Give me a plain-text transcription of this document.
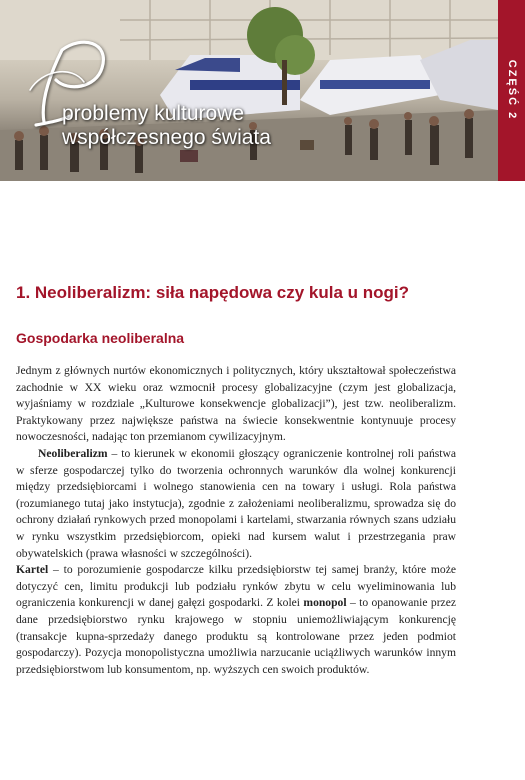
problemy kulturowe
współczesnego świata
CZĘŚĆ 2
1. Neoliberalizm: siła napędowa czy kula u nogi?
Gospodarka neoliberalna

Jednym z głównych nurtów ekonomicznych i politycznych, który ukształtował społeczeństwa zachodnie w XX wieku oraz wzmocnił procesy globalizacyjne (czym jest globalizacja, wyjaśniamy w rozdziale „Kulturowe konsekwencje globalizacji”), jest tzw. neoliberalizm. Praktykowany przez największe państwa na świecie konsekwentnie kontynuuje procesy nowoczesności, nadając ton przemianom cywilizacyjnym.

Neoliberalizm – to kierunek w ekonomii głoszący ograniczenie kontrolnej roli państwa w sferze gospodarczej tylko do tworzenia ochronnych warunków dla wolnej konkurencji między przedsiębiorcami i wolnego stanowienia cen na towary i usługi. Rola państwa (rozumianego tutaj jako instytucja), zgodnie z założeniami neoliberalizmu, sprowadza się do ochrony działań rynkowych przed monopolami i kartelami, stwarzania równych szans udziału w rynku wszystkim przedsiębiorcom, opieki nad kursem walut i przestrzegania praw obywatelskich (prawa własności w szczególności).

Kartel – to porozumienie gospodarcze kilku przedsiębiorstw tej samej branży, które może dotyczyć cen, limitu produkcji lub podziału rynków zbytu w celu wyeliminowania lub ograniczenia konkurencji w danej gałęzi gospodarki. Z kolei monopol – to opanowanie przez dane przedsiębiorstwo rynku krajowego w stopniu uniemożliwiającym konkurencję (transakcje kupna-sprzedaży danego produktu są kontrolowane przez jeden podmiot gospodarczy). Pozycja monopolistyczna umożliwia narzucanie uciążliwych warunków innym przedsiębiorstwom lub konsumentom, np. wyższych cen swoich produktów.
